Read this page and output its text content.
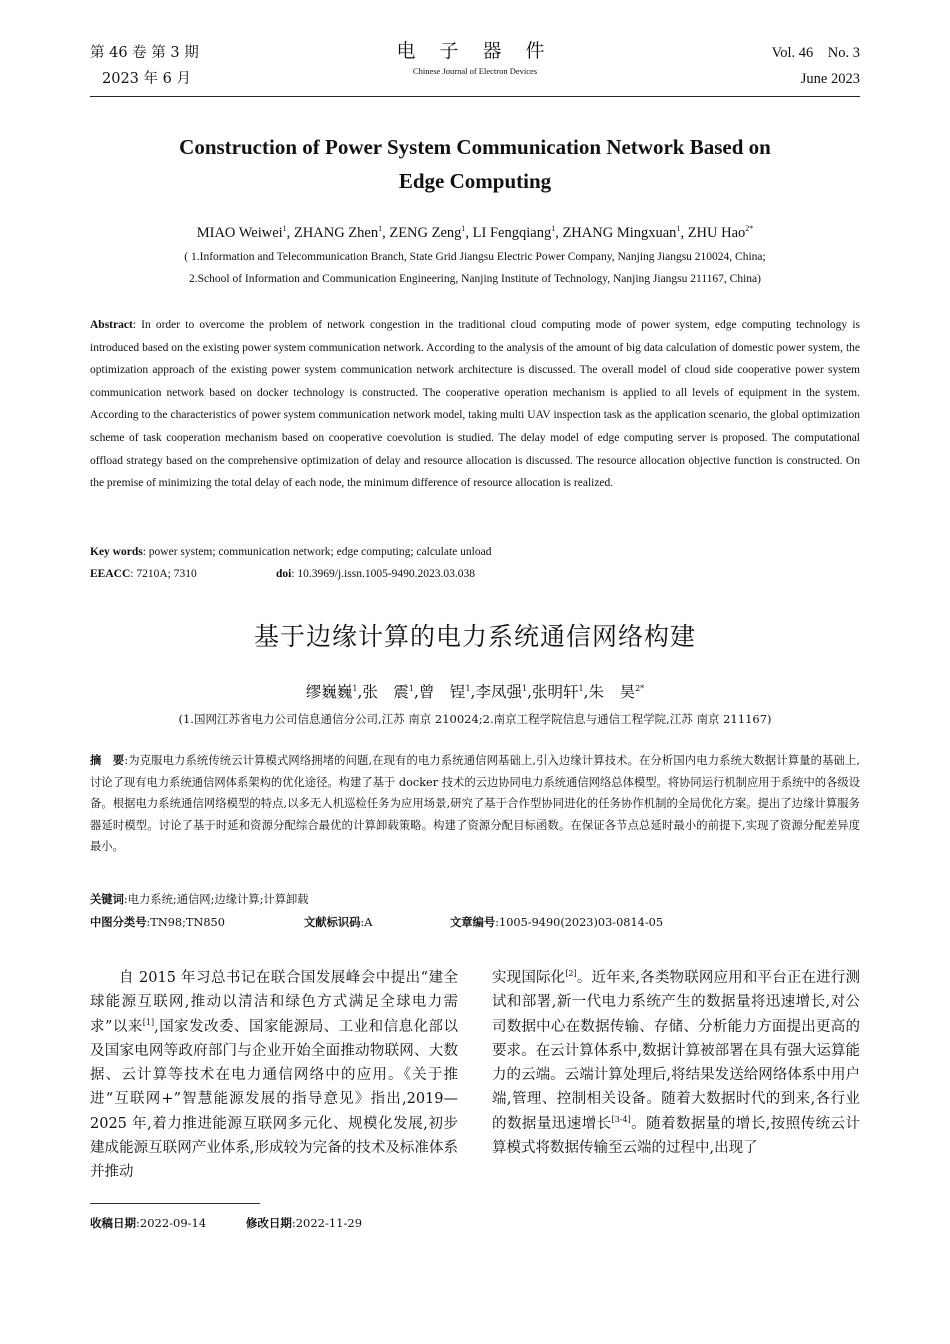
第 46 卷 第 3 期
2023 年 6 月
电 子 器 件
Chinese Journal of Electron Devices
Vol. 46    No. 3
June 2023
Construction of Power System Communication Network Based on
Edge Computing
MIAO Weiwei$^1$, ZHANG Zhen$^1$, ZENG Zeng$^1$, LI Fengqiang$^1$, ZHANG Mingxuan$^1$, ZHU Hao$^{2*}$
( 1.Information and Telecommunication Branch, State Grid Jiangsu Electric Power Company, Nanjing Jiangsu 210024, China;
2.School of Information and Communication Engineering, Nanjing Institute of Technology, Nanjing Jiangsu 211167, China)
Abstract: In order to overcome the problem of network congestion in the traditional cloud computing mode of power system, edge computing technology is introduced based on the existing power system communication network. According to the analysis of the amount of big data calculation of domestic power system, the optimization approach of the existing power system communication network architecture is discussed. The overall model of cloud side cooperative power system communication network based on docker technology is constructed. The cooperative operation mechanism is applied to all levels of equipment in the system. According to the characteristics of power system communication network model, taking multi UAV inspection task as the application scenario, the global optimization scheme of task cooperation mechanism based on cooperative coevolution is studied. The delay model of edge computing server is proposed. The computational offload strategy based on the comprehensive optimization of delay and resource allocation is discussed. The resource allocation objective function is constructed. On the premise of minimizing the total delay of each node, the minimum difference of resource allocation is realized.
Key words: power system; communication network; edge computing; calculate unload
EEACC: 7210A; 7310	doi: 10.3969/j.issn.1005-9490.2023.03.038
基于边缘计算的电力系统通信网络构建
缪巍巍$^1$,张　震$^1$,曾　锃$^1$,李凤强$^1$,张明轩$^1$,朱　昊$^{2*}$
(1.国网江苏省电力公司信息通信分公司,江苏 南京 210024;2.南京工程学院信息与通信工程学院,江苏 南京 211167)
摘　要:为克服电力系统传统云计算模式网络拥堵的问题,在现有的电力系统通信网基础上,引入边缘计算技术。在分析国内电力系统大数据计算量的基础上,讨论了现有电力系统通信网体系架构的优化途径。构建了基于 docker 技术的云边协同电力系统通信网络总体模型。将协同运行机制应用于系统中的各级设备。根据电力系统通信网络模型的特点,以多无人机巡检任务为应用场景,研究了基于合作型协同进化的任务协作机制的全局优化方案。提出了边缘计算服务器延时模型。讨论了基于时延和资源分配综合最优的计算卸载策略。构建了资源分配目标函数。在保证各节点总延时最小的前提下,实现了资源分配差异度最小。
关键词:电力系统;通信网;边缘计算;计算卸载
中图分类号:TN98;TN850	文献标识码:A	文章编号:1005-9490(2023)03-0814-05

自 2015 年习总书记在联合国发展峰会中提出“建全球能源互联网,推动以清洁和绿色方式满足全球电力需求”以来[1],国家发改委、国家能源局、工业和信息化部以及国家电网等政府部门与企业开始全面推动物联网、大数据、云计算等技术在电力通信网络中的应用。《关于推进“互联网+”智慧能源发展的指导意见》指出,2019—2025 年,着力推进能源互联网多元化、规模化发展,初步建成能源互联网产业体系,形成较为完备的技术及标准体系并推动

实现国际化[2]。近年来,各类物联网应用和平台正在进行测试和部署,新一代电力系统产生的数据量将迅速增长,对公司数据中心在数据传输、存储、分析能力方面提出更高的要求。在云计算体系中,数据计算被部署在具有强大运算能力的云端。云端计算处理后,将结果发送给网络体系中用户端,管理、控制相关设备。随着大数据时代的到来,各行业的数据量迅速增长[3-4]。随着数据量的增长,按照传统云计算模式将数据传输至云端的过程中,出现了

收稿日期:2022-09-14	修改日期:2022-11-29
